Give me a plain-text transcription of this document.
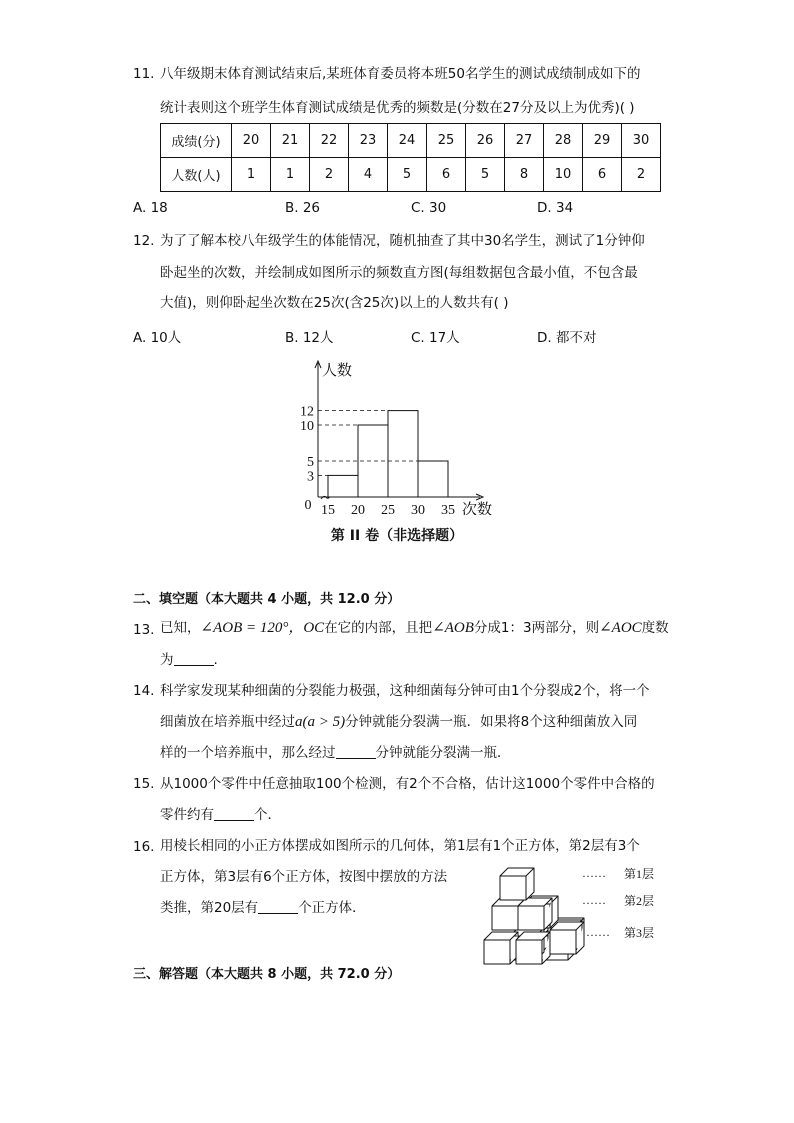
11. 八年级期末体育测试结束后,某班体育委员将本班50名学生的测试成绩制成如下的
统计表则这个班学生体育测试成绩是优秀的频数是(分数在27分及以上为优秀)( )
成绩(分)	20	21	22	23	24	25	26	27	28	29	30
人数(人)	1	1	2	4	5	6	5	8	10	6	2
A. 18	B. 26	C. 30	D. 34
12. 为了了解本校八年级学生的体能情况，随机抽查了其中30名学生，测试了1分钟仰
卧起坐的次数，并绘制成如图所示的频数直方图(每组数据包含最小值，不包含最
大值)，则仰卧起坐次数在25次(含25次)以上的人数共有( )
A. 10人	B. 12人	C. 17人	D. 都不对
3
5
10
12
15 20 25 30 35
0
人数
次数
第 II 卷（非选择题）
二、填空题（本大题共 4 小题，共 12.0 分）
13. 已知，∠AOB = 120°，OC在它的内部，且把∠AOB分成1：3两部分，则∠AOC度数
为	.
14. 科学家发现某种细菌的分裂能力极强，这种细菌每分钟可由1个分裂成2个，将一个
细菌放在培养瓶中经过a(a > 5)分钟就能分裂满一瓶．如果将8个这种细菌放入同
样的一个培养瓶中，那么经过	分钟就能分裂满一瓶．
15. 从1000个零件中任意抽取100个检测，有2个不合格，估计这1000个零件中合格的
零件约有	个．
16. 用棱长相同的小正方体摆成如图所示的几何体，第1层有1个正方体，第2层有3个
正方体，第3层有6个正方体，按图中摆放的方法
类推，第20层有	个正方体．
…… 第1层
…… 第2层
…… 第3层
三、解答题（本大题共 8 小题，共 72.0 分）
